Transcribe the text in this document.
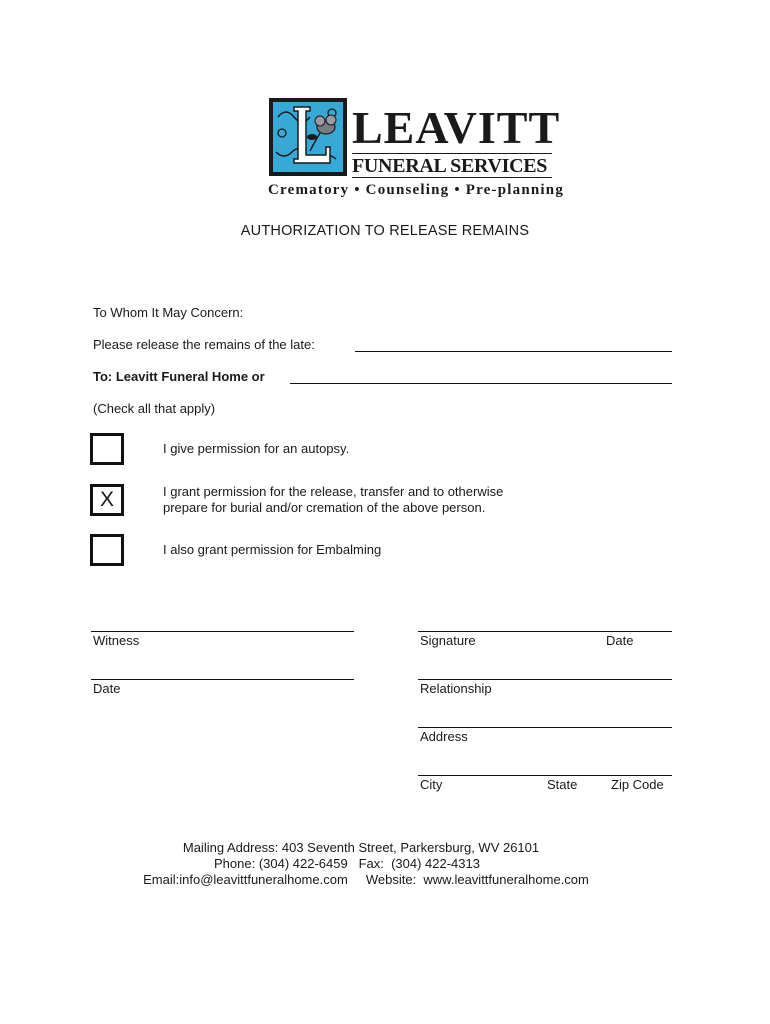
LEAVITT
FUNERAL SERVICES
Crematory • Counseling • Pre-planning
AUTHORIZATION TO RELEASE REMAINS
To Whom It May Concern:
Please release the remains of the late:
To: Leavitt Funeral Home or
(Check all that apply)
I give permission for an autopsy.
X	I grant permission for the release, transfer and to otherwise
prepare for burial and/or cremation of the above person.
I also grant permission for Embalming
Witness	Signature	Date
Date	Relationship
Address
City	State	Zip Code
Mailing Address: 403 Seventh Street, Parkersburg, WV 26101
Phone: (304) 422-6459   Fax:  (304) 422-4313
Email:info@leavittfuneralhome.com     Website:  www.leavittfuneralhome.com
